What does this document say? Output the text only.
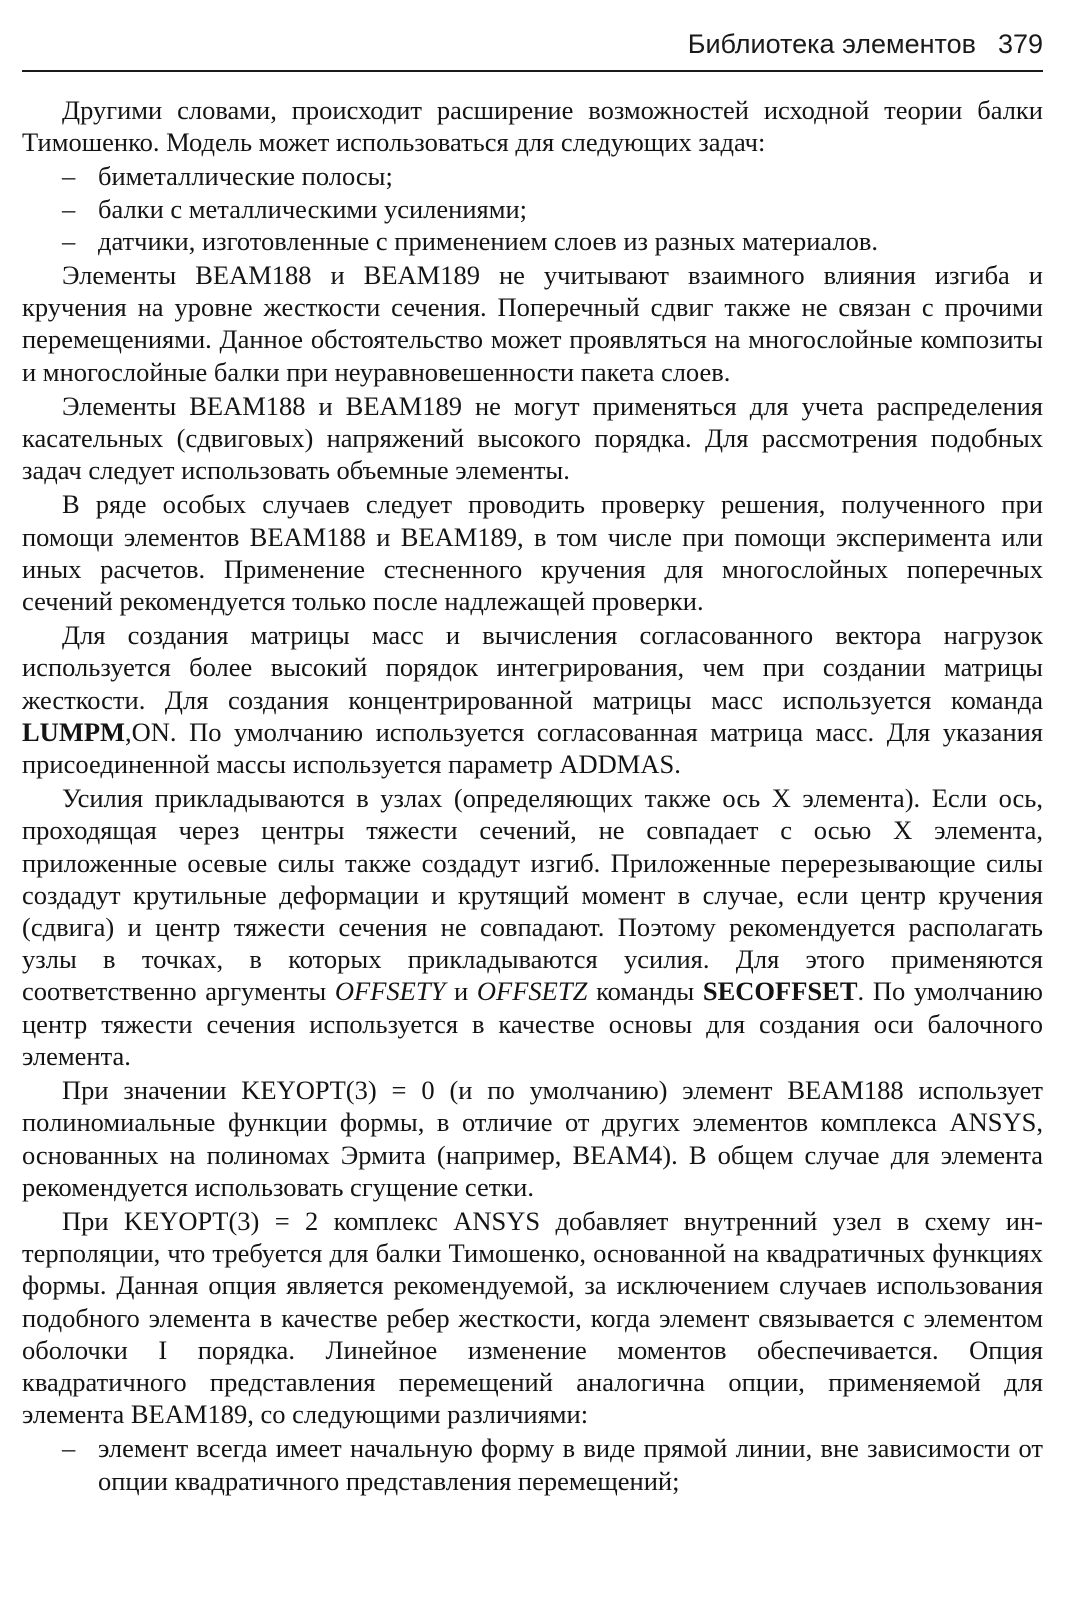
Библиотека элементов 379

Другими словами, происходит расширение возможностей исходной теории балки Тимошенко. Модель может использоваться для следующих задач:

– биметаллические полосы;
– балки с металлическими усилениями;
– датчики, изготовленные с применением слоев из разных материалов.

Элементы BEAM188 и BEAM189 не учитывают взаимного влияния изгиба и кручения на уровне жесткости сечения. Поперечный сдвиг также не связан с прочими перемещениями. Данное обстоятельство может проявляться на многослойные композиты и многослойные балки при неуравновешенности пакета слоев.

Элементы BEAM188 и BEAM189 не могут применяться для учета распределения касательных (сдвиговых) напряжений высокого порядка. Для рассмотрения подобных задач следует использовать объемные элементы.

В ряде особых случаев следует проводить проверку решения, полученного при помощи элементов BEAM188 и BEAM189, в том числе при помощи эксперимента или иных расчетов. Применение стесненного кручения для многослойных поперечных сечений рекомендуется только после надлежащей проверки.

Для создания матрицы масс и вычисления согласованного вектора нагрузок используется более высокий порядок интегрирования, чем при создании матрицы жесткости. Для создания концентрированной матрицы масс используется команда LUMPM,ON. По умолчанию используется согласованная матрица масс. Для указания присоединенной массы используется параметр ADDMAS.

Усилия прикладываются в узлах (определяющих также ось X элемента). Если ось, проходящая через центры тяжести сечений, не совпадает с осью X элемента, приложенные осевые силы также создадут изгиб. Приложенные перерезывающие силы создадут крутильные деформации и крутящий момент в случае, если центр кручения (сдвига) и центр тяжести сечения не совпадают. Поэтому рекомендуется располагать узлы в точках, в которых прикладываются усилия. Для этого применяются соответственно аргументы OFFSETY и OFFSETZ команды SECOFFSET. По умолчанию центр тяжести сечения используется в качестве основы для создания оси балочного элемента.

При значении KEYOPT(3) = 0 (и по умолчанию) элемент BEAM188 использует полиномиальные функции формы, в отличие от других элементов комплекса ANSYS, основанных на полиномах Эрмита (например, BEAM4). В общем случае для элемента рекомендуется использовать сгущение сетки.

При KEYOPT(3) = 2 комплекс ANSYS добавляет внутренний узел в схему интерполяции, что требуется для балки Тимошенко, основанной на квадратичных функциях формы. Данная опция является рекомендуемой, за исключением случаев использования подобного элемента в качестве ребер жесткости, когда элемент связывается с элементом оболочки I порядка. Линейное изменение моментов обеспечивается. Опция квадратичного представления перемещений аналогична опции, применяемой для элемента BEAM189, со следующими различиями:

– элемент всегда имеет начальную форму в виде прямой линии, вне зависимости от опции квадратичного представления перемещений;
